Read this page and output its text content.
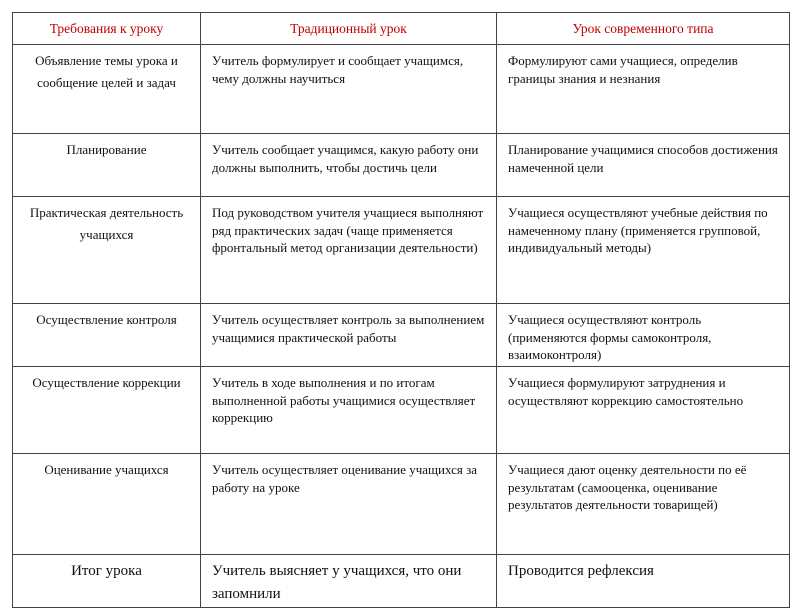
Требования к уроку	Традиционный урок	Урок современного типа

Объявление темы урока и сообщение целей и задач	Учитель формулирует и сообщает учащимся, чему должны научиться	Формулируют сами учащиеся, определив границы знания и незнания
Планирование	Учитель сообщает учащимся, какую работу они должны выполнить, чтобы достичь цели	Планирование учащимися способов достижения намеченной цели
Практическая деятельность учащихся	Под руководством учителя учащиеся выполняют ряд практических задач (чаще применяется фронтальный метод организации деятельности)	Учащиеся осуществляют учебные действия по намеченному плану (применяется групповой, индивидуальный методы)
Осуществление контроля	Учитель осуществляет контроль за выполнением учащимися практической работы	Учащиеся осуществляют контроль (применяются формы самоконтроля, взаимоконтроля)
Осуществление коррекции	Учитель в ходе выполнения и по итогам выполненной работы учащимися осуществляет коррекцию	Учащиеся формулируют затруднения и осуществляют коррекцию самостоятельно
Оценивание учащихся	Учитель осуществляет оценивание учащихся за работу на уроке	Учащиеся дают оценку деятельности по её результатам (самооценка, оценивание результатов деятельности товарищей)
Итог урока	Учитель выясняет у учащихся, что они запомнили	Проводится рефлексия
